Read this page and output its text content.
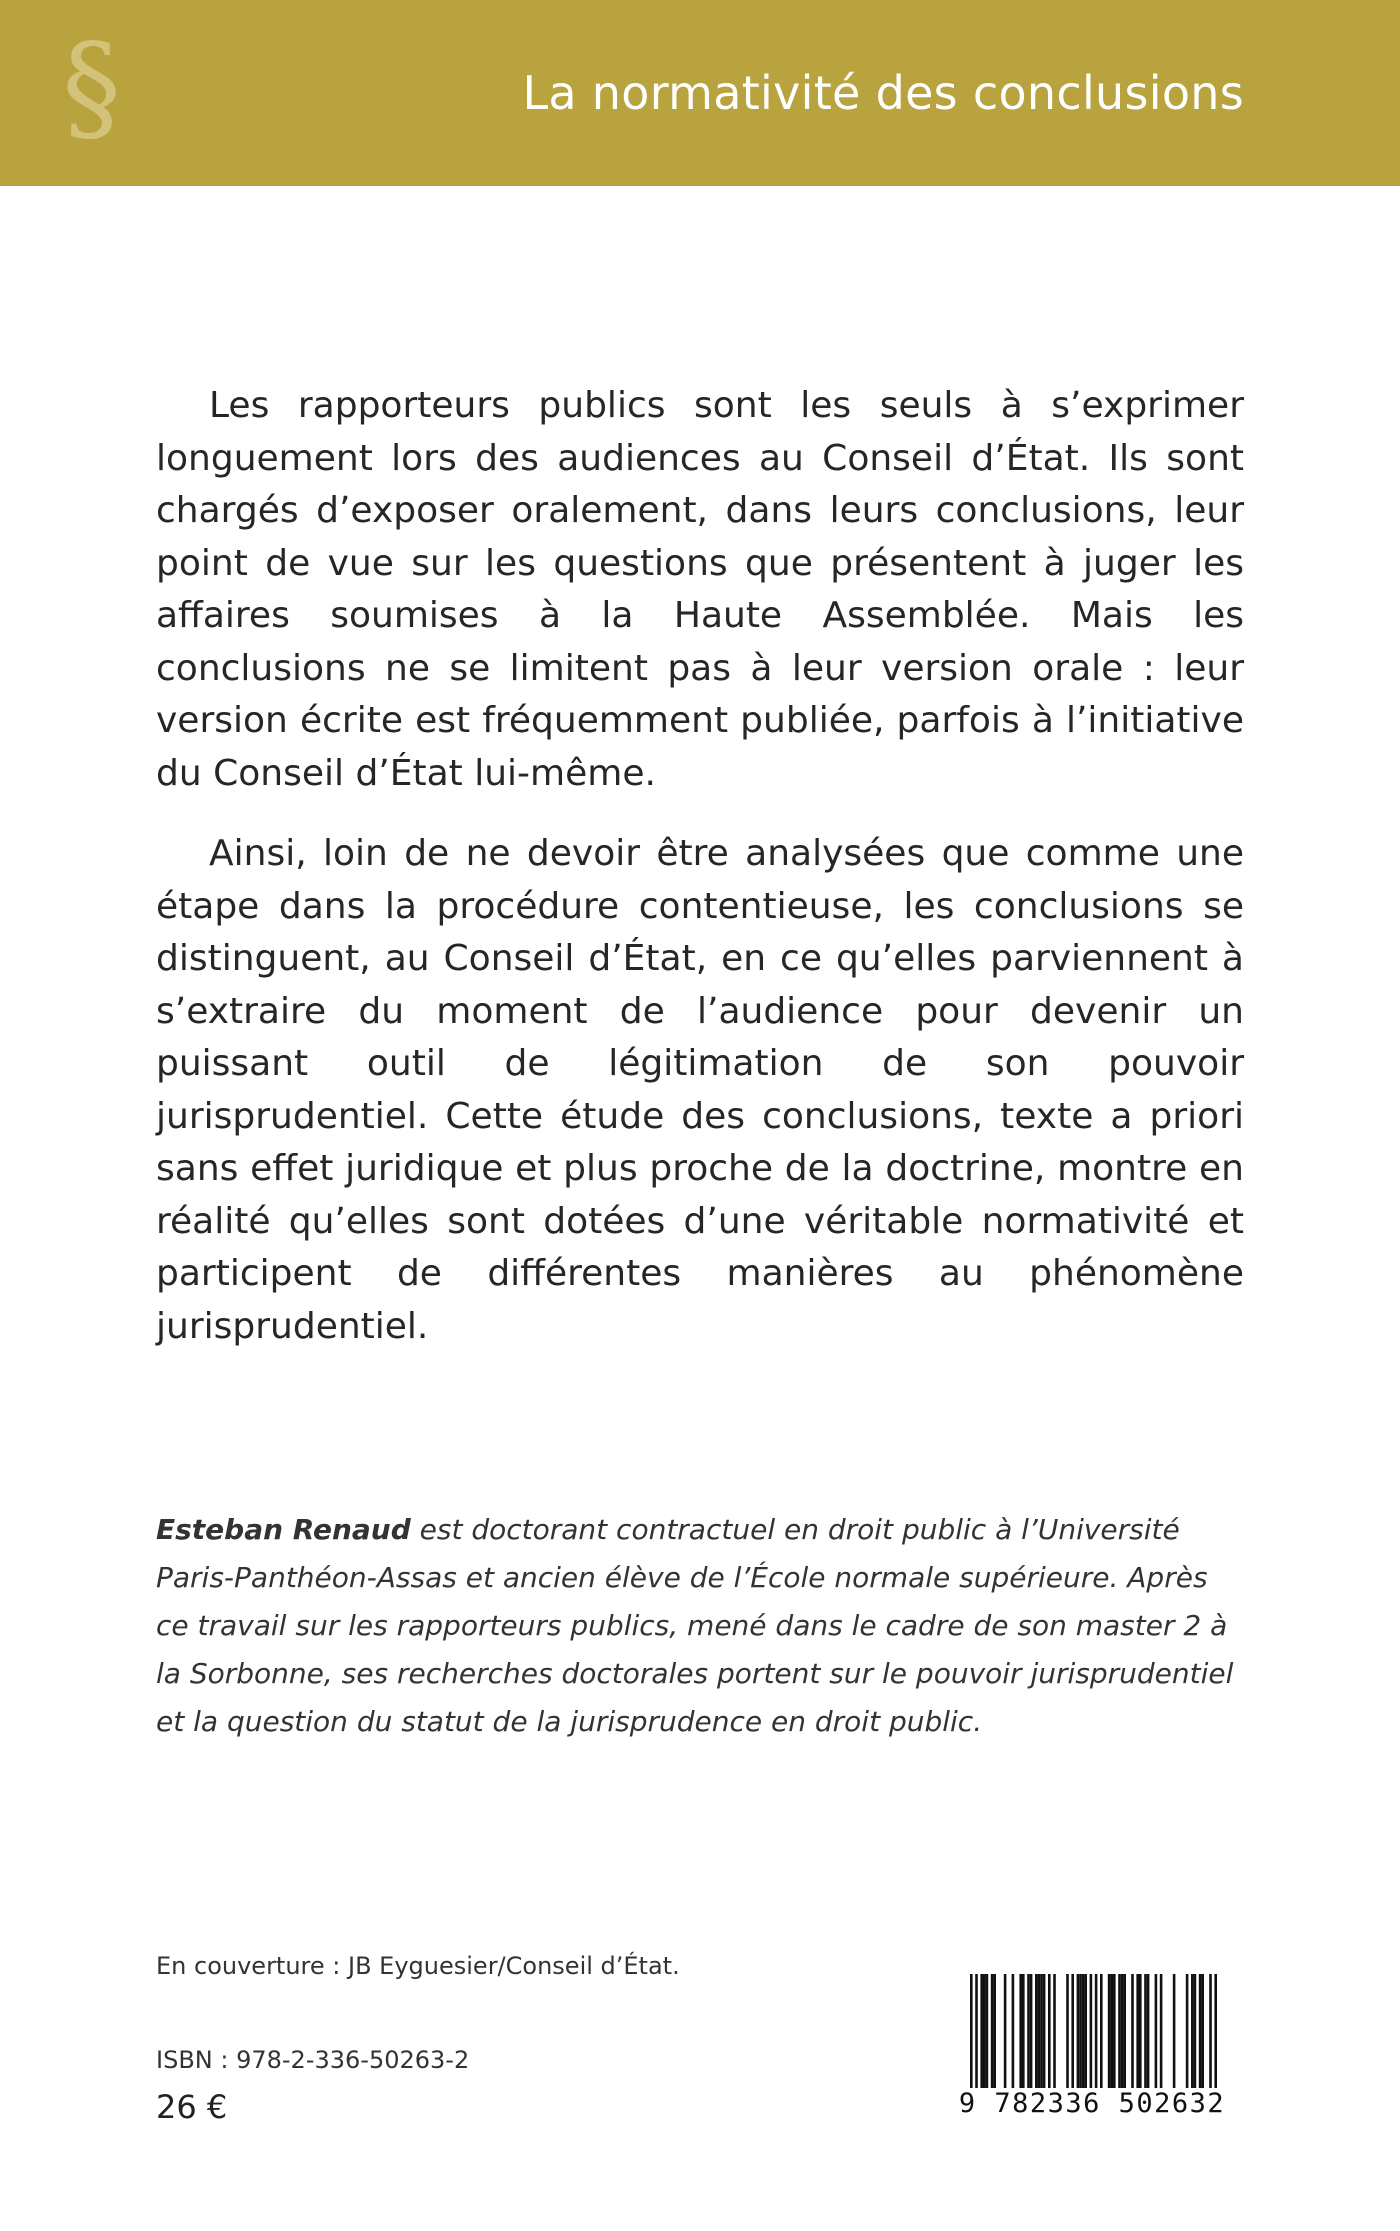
§	La normativité des conclusions

Les rapporteurs publics sont les seuls à s’exprimer longuement lors des audiences au Conseil d’État. Ils sont chargés d’exposer oralement, dans leurs conclusions, leur point de vue sur les questions que présentent à juger les affaires soumises à la Haute Assemblée. Mais les conclusions ne se limitent pas à leur version orale : leur version écrite est fréquemment publiée, parfois à l’initiative du Conseil d’État lui-même.

Ainsi, loin de ne devoir être analysées que comme une étape dans la procédure contentieuse, les conclusions se distinguent, au Conseil d’État, en ce qu’elles parviennent à s’extraire du moment de l’audience pour devenir un puissant outil de légitimation de son pouvoir jurisprudentiel. Cette étude des conclusions, texte a priori sans effet juridique et plus proche de la doctrine, montre en réalité qu’elles sont dotées d’une véritable normativité et participent de différentes manières au phénomène jurisprudentiel.

Esteban Renaud est doctorant contractuel en droit public à l’Université Paris-Panthéon-Assas et ancien élève de l’École normale supérieure. Après ce travail sur les rapporteurs publics, mené dans le cadre de son master 2 à la Sorbonne, ses recherches doctorales portent sur le pouvoir jurisprudentiel et la question du statut de la jurisprudence en droit public.

En couverture : JB Eyguesier/Conseil d’État.
ISBN : 978-2-336-50263-2
26 €	9 782336 502632
